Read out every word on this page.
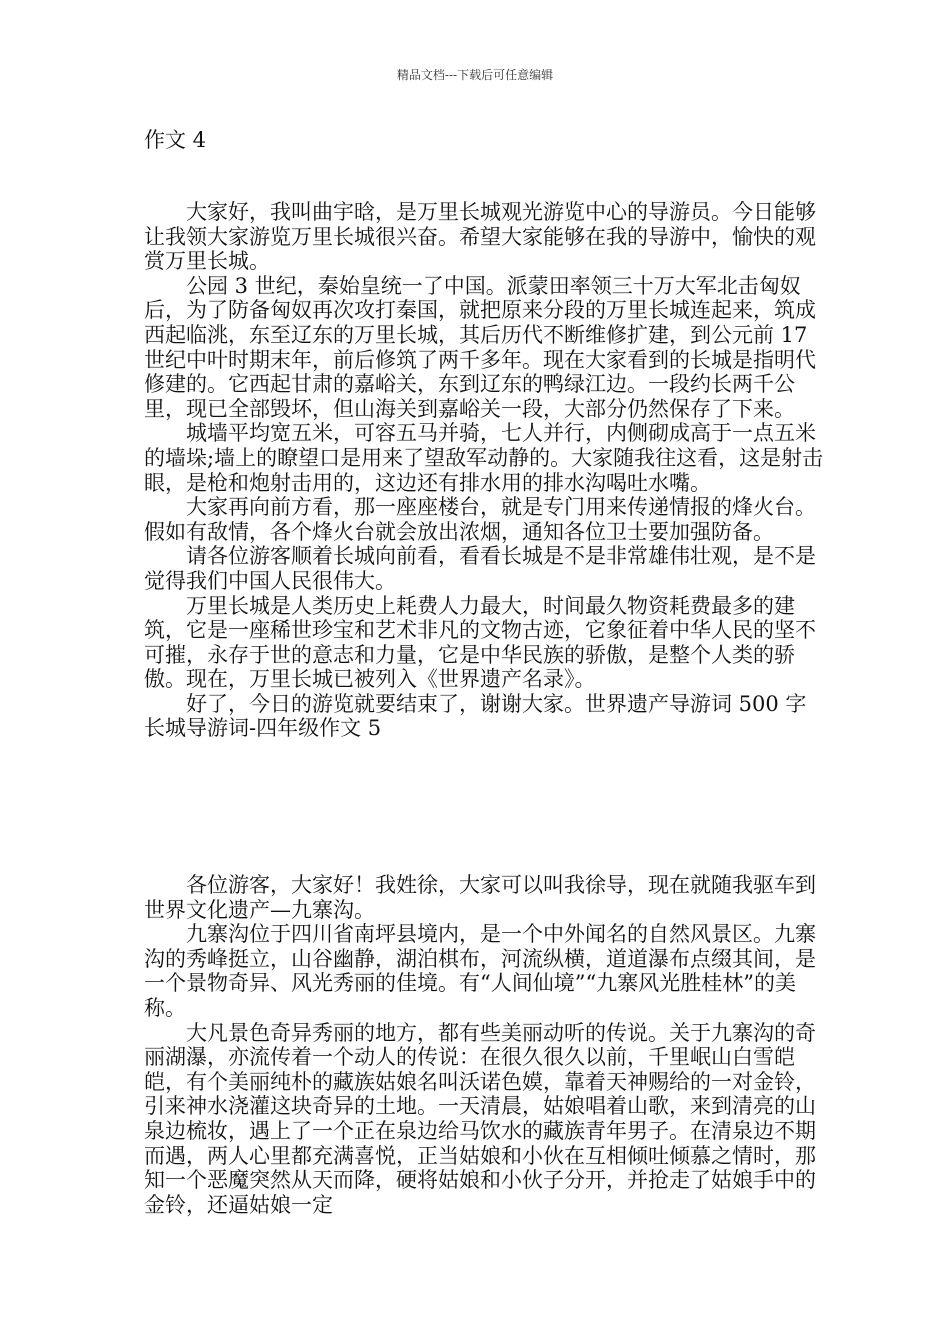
精品文档---下载后可任意编辑
作文 4

大家好，我叫曲宇晗，是万里长城观光游览中心的导游员。今日能够让我领大家游览万里长城很兴奋。希望大家能够在我的导游中，愉快的观赏万里长城。

公园 3 世纪，秦始皇统一了中国。派蒙田率领三十万大军北击匈奴后，为了防备匈奴再次攻打秦国，就把原来分段的万里长城连起来，筑成西起临洮，东至辽东的万里长城，其后历代不断维修扩建，到公元前 17 世纪中叶时期末年，前后修筑了两千多年。现在大家看到的长城是指明代修建的。它西起甘肃的嘉峪关，东到辽东的鸭绿江边。一段约长两千公里，现已全部毁坏，但山海关到嘉峪关一段，大部分仍然保存了下来。

城墙平均宽五米，可容五马并骑，七人并行，内侧砌成高于一点五米的墙垛;墙上的瞭望口是用来了望敌军动静的。大家随我往这看，这是射击眼，是枪和炮射击用的，这边还有排水用的排水沟喝吐水嘴。

大家再向前方看，那一座座楼台，就是专门用来传递情报的烽火台。假如有敌情，各个烽火台就会放出浓烟，通知各位卫士要加强防备。

请各位游客顺着长城向前看，看看长城是不是非常雄伟壮观，是不是觉得我们中国人民很伟大。

万里长城是人类历史上耗费人力最大，时间最久物资耗费最多的建筑，它是一座稀世珍宝和艺术非凡的文物古迹，它象征着中华人民的坚不可摧，永存于世的意志和力量，它是中华民族的骄傲，是整个人类的骄傲。现在，万里长城已被列入《世界遗产名录》。

好了，今日的游览就要结束了，谢谢大家。世界遗产导游词 500 字 长城导游词-四年级作文 5

各位游客，大家好！我姓徐，大家可以叫我徐导，现在就随我驱车到世界文化遗产—九寨沟。

九寨沟位于四川省南坪县境内，是一个中外闻名的自然风景区。九寨沟的秀峰挺立，山谷幽静，湖泊棋布，河流纵横，道道瀑布点缀其间，是一个景物奇异、风光秀丽的佳境。有“人间仙境”“九寨风光胜桂林”的美称。

大凡景色奇异秀丽的地方，都有些美丽动听的传说。关于九寨沟的奇丽湖瀑，亦流传着一个动人的传说：在很久很久以前，千里岷山白雪皑皑，有个美丽纯朴的藏族姑娘名叫沃诺色嫫，靠着天神赐给的一对金铃，引来神水浇灌这块奇异的土地。一天清晨，姑娘唱着山歌，来到清亮的山泉边梳妆，遇上了一个正在泉边给马饮水的藏族青年男子。在清泉边不期而遇，两人心里都充满喜悦，正当姑娘和小伙在互相倾吐倾慕之情时，那知一个恶魔突然从天而降，硬将姑娘和小伙子分开，并抢走了姑娘手中的金铃，还逼姑娘一定
